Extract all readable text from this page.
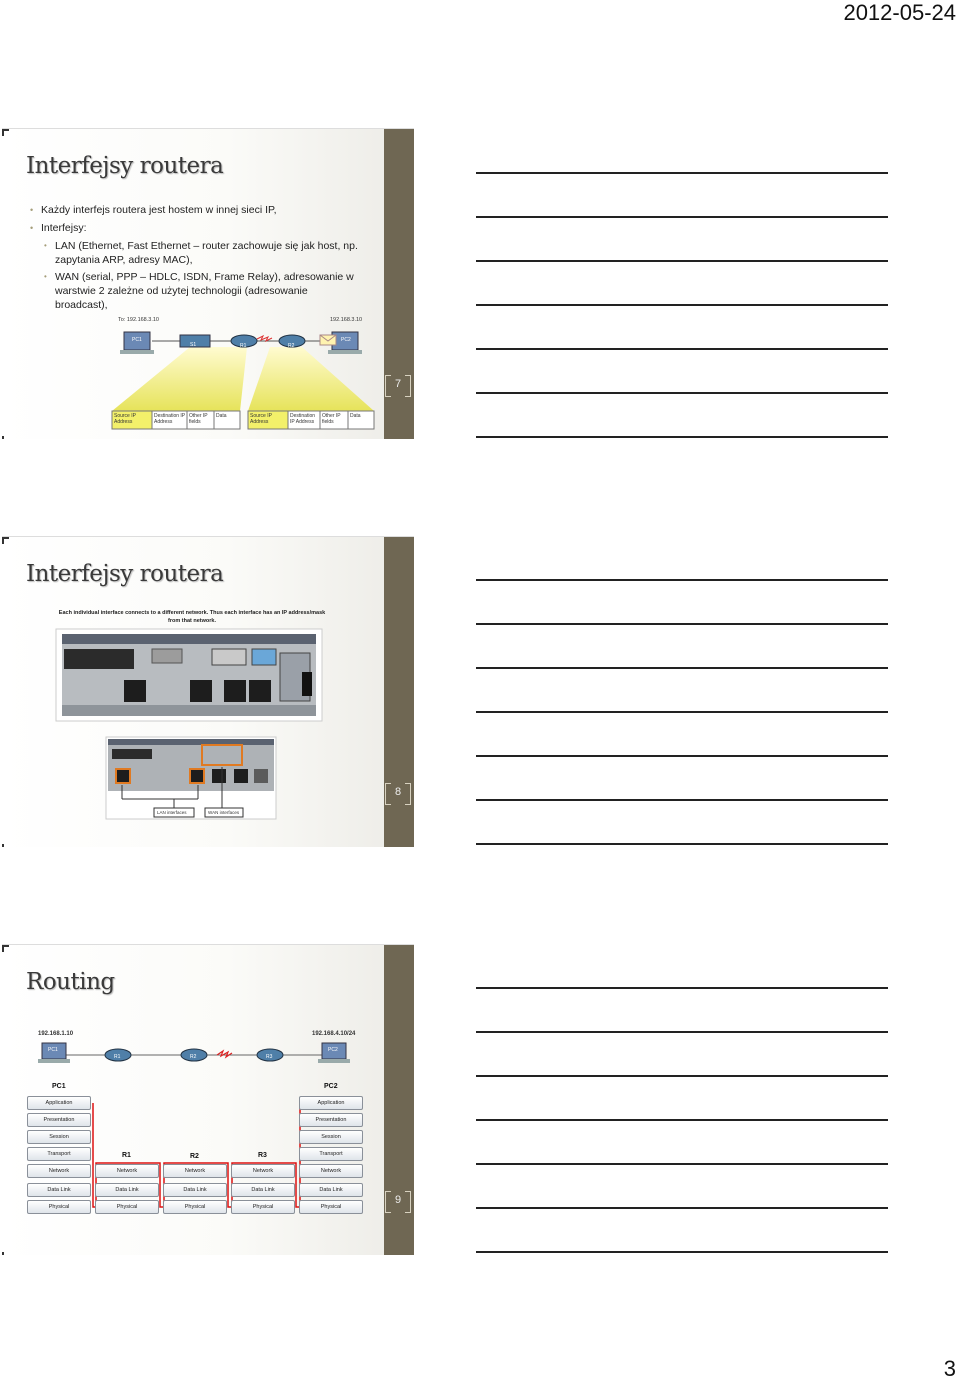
2012-05-24
Interfejsy routera
• Każdy interfejs routera jest hostem w innej sieci IP,
• Interfejsy:
• LAN (Ethernet, Fast Ethernet – router zachowuje się jak host, np. zapytania ARP, adresy MAC),
• WAN (serial, PPP – HDLC, ISDN, Frame Relay), adresowanie w warstwie 2 zależne od użytej technologii (adresowanie broadcast),
To: 192.168.3.10	192.168.3.10
PC1
S1	R1	R2
PC2
Source IP Address
Destination IP Address
Other IP fields
Data	Source IP Address
Destination IP Address
Other IP fields
Data
7
Interfejsy routera
Each individual interface connects to a different network. Thus each interface has an IP address/mask from that network.
LAN interfaces	WAN interfaces
8
Routing
192.168.1.10	192.168.4.10/24
PC1
R1	R2	R3
PC2
PC1
R1	R2	R3
PC2
Application
Presentation
Session
Transport
Network
Data Link
Physical
Network
Data Link
Physical
Network
Data Link
Physical
Network
Data Link
Physical
Application
Presentation
Session
Transport
Network
Data Link
Physical
9
3
